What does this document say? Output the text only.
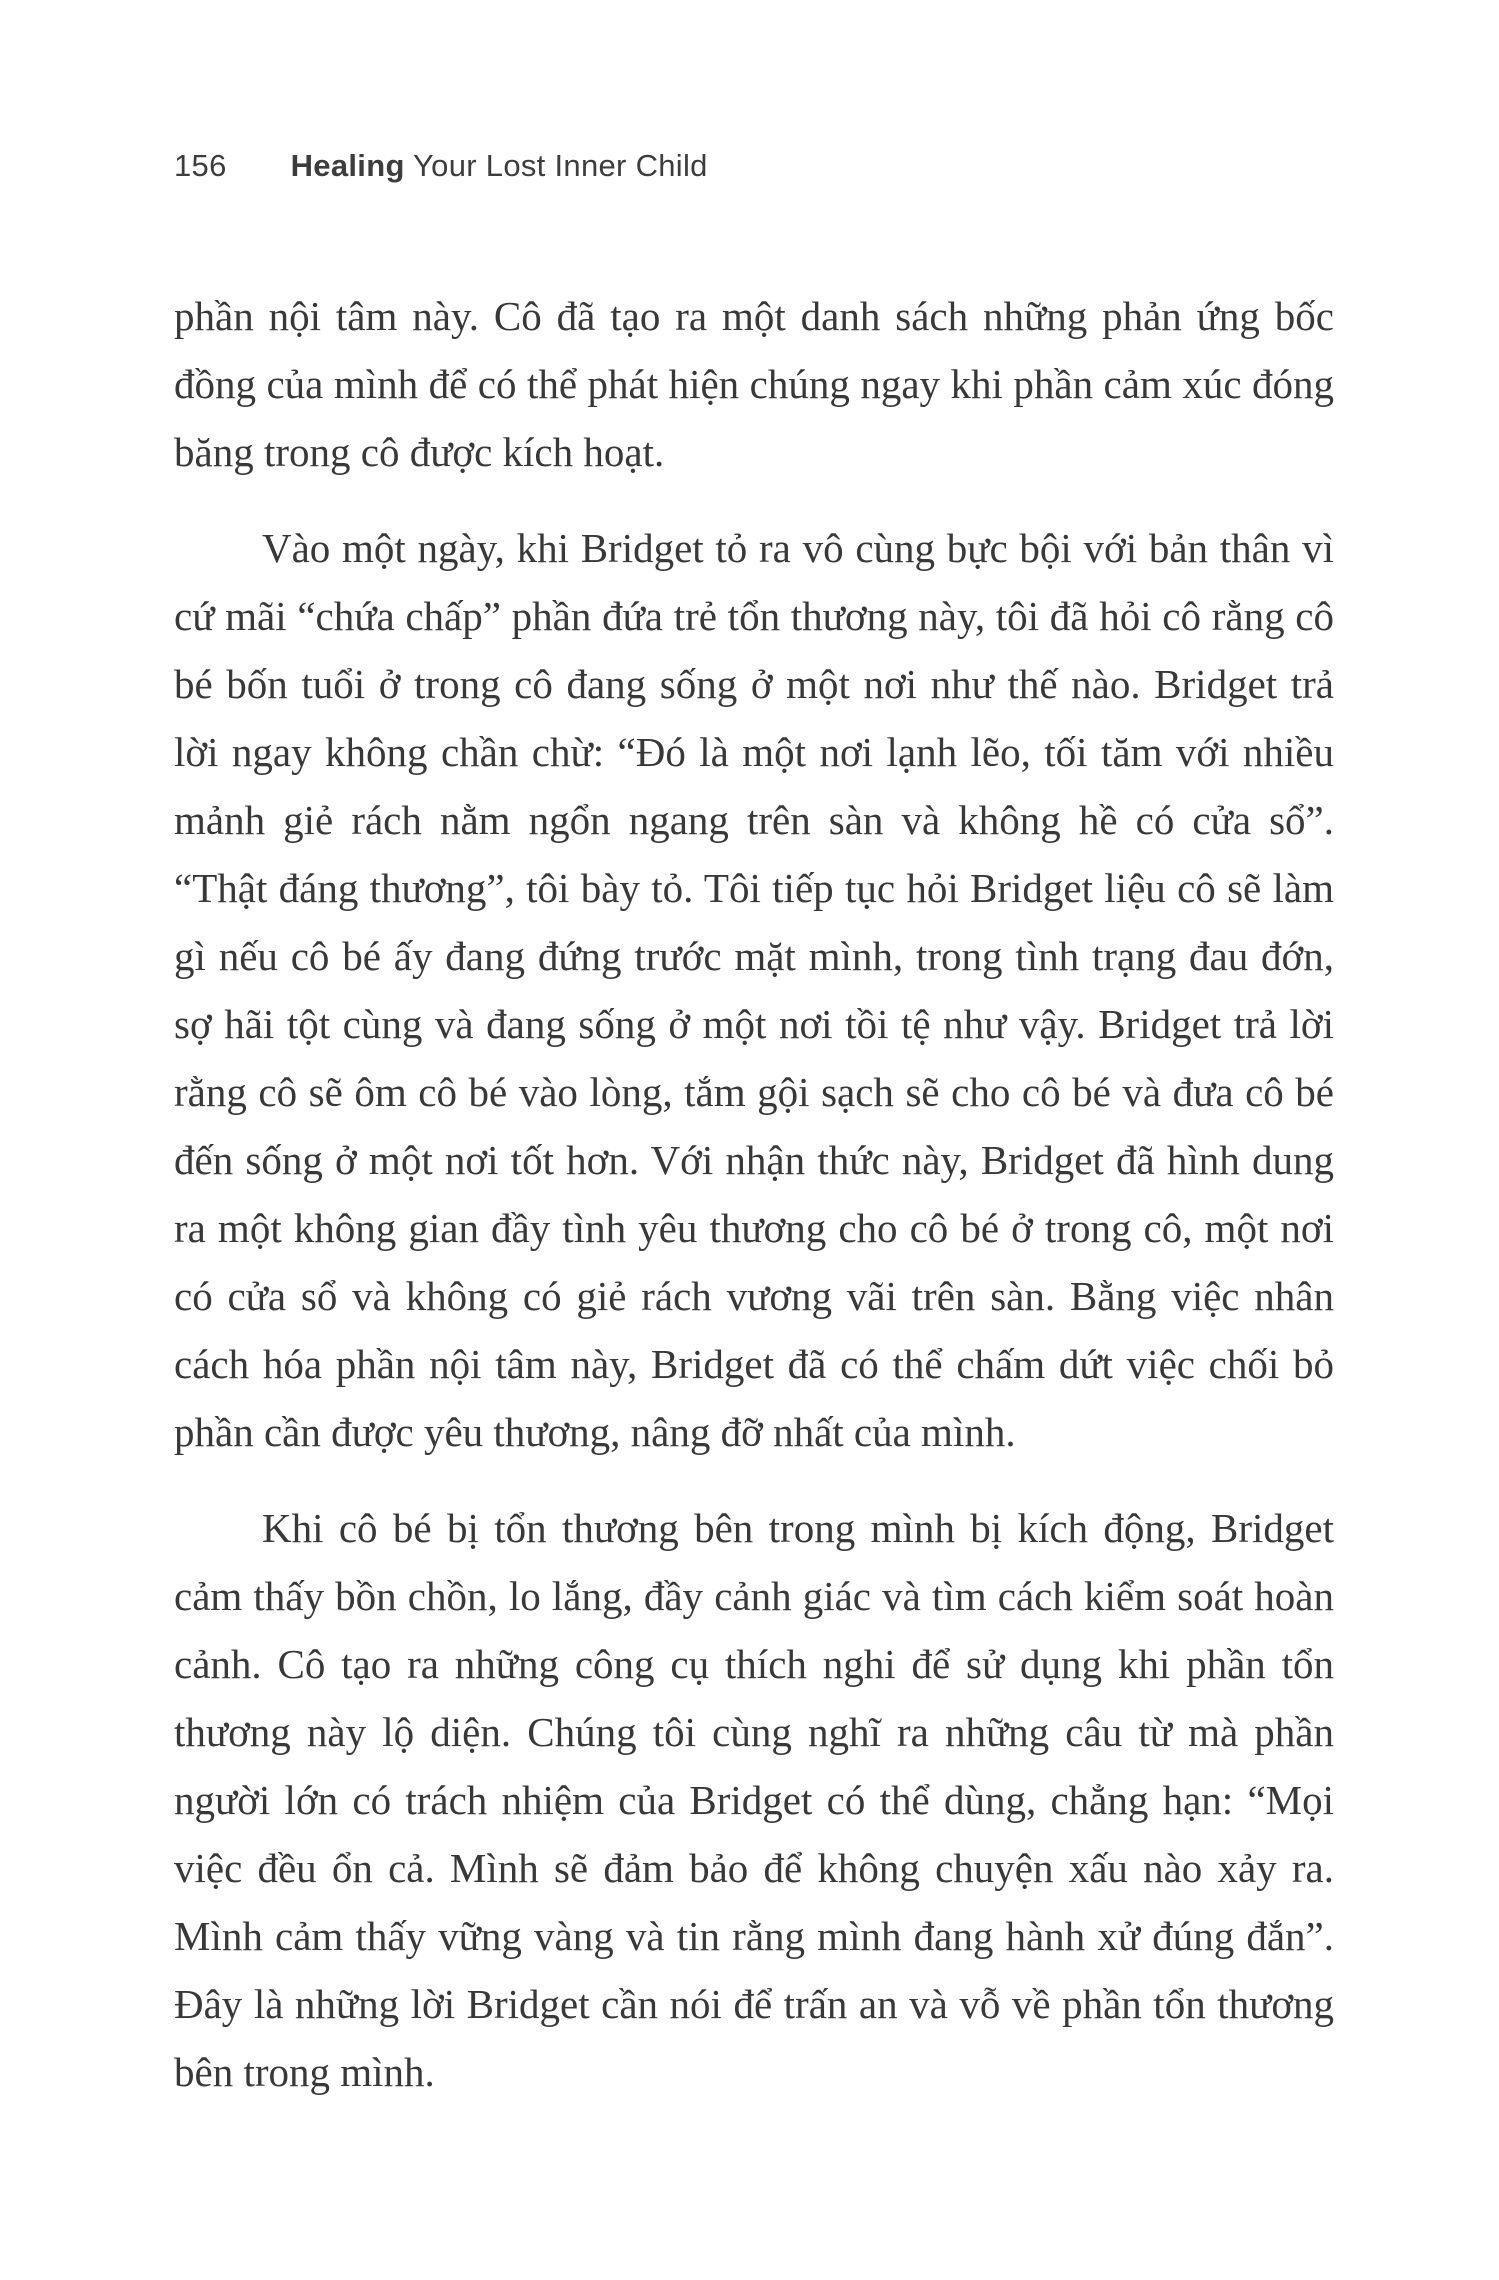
156 Healing Your Lost Inner Child

phần nội tâm này. Cô đã tạo ra một danh sách những phản ứng bốc đồng của mình để có thể phát hiện chúng ngay khi phần cảm xúc đóng băng trong cô được kích hoạt.

Vào một ngày, khi Bridget tỏ ra vô cùng bực bội với bản thân vì cứ mãi “chứa chấp” phần đứa trẻ tổn thương này, tôi đã hỏi cô rằng cô bé bốn tuổi ở trong cô đang sống ở một nơi như thế nào. Bridget trả lời ngay không chần chừ: “Đó là một nơi lạnh lẽo, tối tăm với nhiều mảnh giẻ rách nằm ngổn ngang trên sàn và không hề có cửa sổ”. “Thật đáng thương”, tôi bày tỏ. Tôi tiếp tục hỏi Bridget liệu cô sẽ làm gì nếu cô bé ấy đang đứng trước mặt mình, trong tình trạng đau đớn, sợ hãi tột cùng và đang sống ở một nơi tồi tệ như vậy. Bridget trả lời rằng cô sẽ ôm cô bé vào lòng, tắm gội sạch sẽ cho cô bé và đưa cô bé đến sống ở một nơi tốt hơn. Với nhận thức này, Bridget đã hình dung ra một không gian đầy tình yêu thương cho cô bé ở trong cô, một nơi có cửa sổ và không có giẻ rách vương vãi trên sàn. Bằng việc nhân cách hóa phần nội tâm này, Bridget đã có thể chấm dứt việc chối bỏ phần cần được yêu thương, nâng đỡ nhất của mình.

Khi cô bé bị tổn thương bên trong mình bị kích động, Bridget cảm thấy bồn chồn, lo lắng, đầy cảnh giác và tìm cách kiểm soát hoàn cảnh. Cô tạo ra những công cụ thích nghi để sử dụng khi phần tổn thương này lộ diện. Chúng tôi cùng nghĩ ra những câu từ mà phần người lớn có trách nhiệm của Bridget có thể dùng, chẳng hạn: “Mọi việc đều ổn cả. Mình sẽ đảm bảo để không chuyện xấu nào xảy ra. Mình cảm thấy vững vàng và tin rằng mình đang hành xử đúng đắn”. Đây là những lời Bridget cần nói để trấn an và vỗ về phần tổn thương bên trong mình.
